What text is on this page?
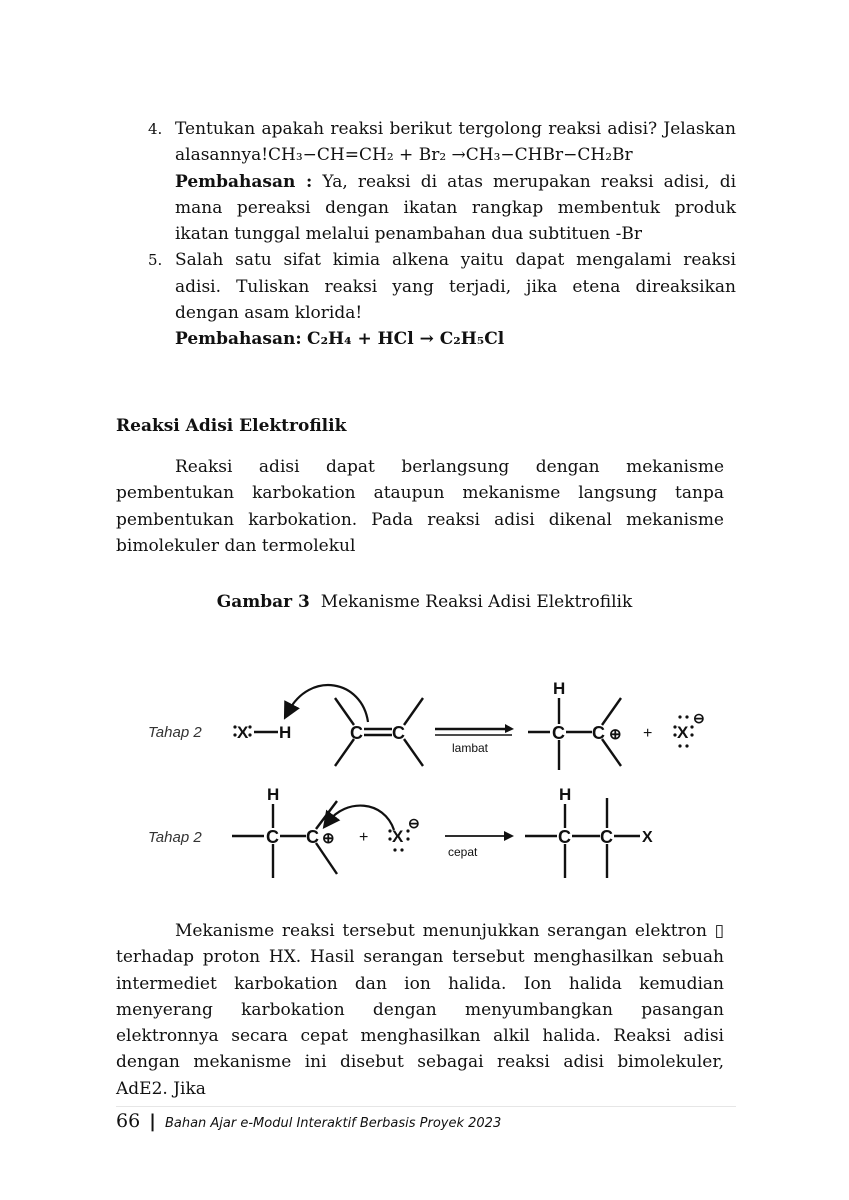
4. Tentukan apakah reaksi berikut tergolong reaksi adisi? Jelaskan alasannya!CH₃−CH=CH₂ + Br₂ →CH₃−CHBr−CH₂Br
Pembahasan : Ya, reaksi di atas merupakan reaksi adisi, di mana pereaksi dengan ikatan rangkap membentuk produk ikatan tunggal melalui penambahan dua subtituen -Br
5. Salah satu sifat kimia alkena yaitu dapat mengalami reaksi adisi. Tuliskan reaksi yang terjadi, jika etena direaksikan dengan asam klorida!
Pembahasan: C₂H₄ + HCl → C₂H₅Cl
Reaksi Adisi Elektrofilik

Reaksi adisi dapat berlangsung dengan mekanisme pembentukan karbokation ataupun mekanisme langsung tanpa pembentukan karbokation. Pada reaksi adisi dikenal mekanisme bimolekuler dan termolekul

Gambar 3 Mekanisme Reaksi Adisi Elektrofilik
Tahap 2 X H	C C
lambat
H
C C ⊕ + X
⊖
Tahap 2
H
C C ⊕ + X
⊖
cepat
H
C C X

Mekanisme reaksi tersebut menunjukkan serangan elektron ▯ terhadap proton HX. Hasil serangan tersebut menghasilkan sebuah intermediet karbokation dan ion halida. Ion halida kemudian menyerang karbokation dengan menyumbangkan pasangan elektronnya secara cepat menghasilkan alkil halida. Reaksi adisi dengan mekanisme ini disebut sebagai reaksi adisi bimolekuler, AdE2. Jika

66 | Bahan Ajar e-Modul Interaktif Berbasis Proyek 2023
